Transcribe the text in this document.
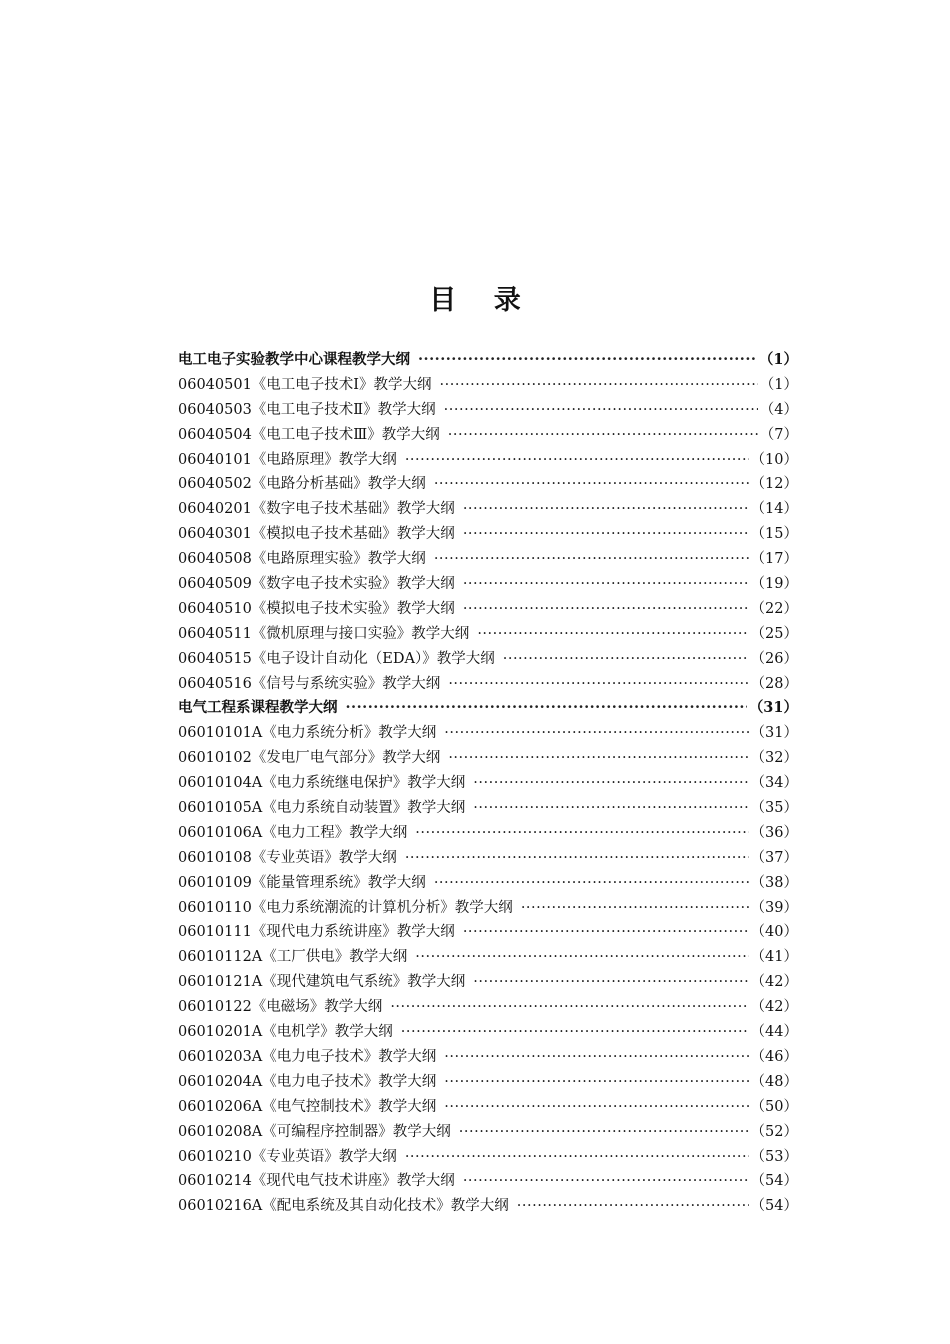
目 录
电工电子实验教学中心课程教学大纲 ·····	（1）
06040501《电工电子技术Ⅰ》教学大纲 ·····	（1）
06040503《电工电子技术Ⅱ》教学大纲 ·····	（4）
06040504《电工电子技术Ⅲ》教学大纲 ·····	（7）
06040101《电路原理》教学大纲 ·····	（10）
06040502《电路分析基础》教学大纲 ·····	（12）
06040201《数字电子技术基础》教学大纲 ·····	（14）
06040301《模拟电子技术基础》教学大纲 ·····	（15）
06040508《电路原理实验》教学大纲 ·····	（17）
06040509《数字电子技术实验》教学大纲 ·····	（19）
06040510《模拟电子技术实验》教学大纲 ·····	（22）
06040511《微机原理与接口实验》教学大纲 ·····	（25）
06040515《电子设计自动化（EDA）》教学大纲 ·····	（26）
06040516《信号与系统实验》教学大纲 ·····	（28）
电气工程系课程教学大纲 ·····	（31）
06010101A《电力系统分析》教学大纲 ·····	（31）
06010102《发电厂电气部分》教学大纲 ·····	（32）
06010104A《电力系统继电保护》教学大纲 ·····	（34）
06010105A《电力系统自动装置》教学大纲 ·····	（35）
06010106A《电力工程》教学大纲 ·····	（36）
06010108《专业英语》教学大纲 ·····	（37）
06010109《能量管理系统》教学大纲 ·····	（38）
06010110《电力系统潮流的计算机分析》教学大纲 ·····	（39）
06010111《现代电力系统讲座》教学大纲 ·····	（40）
06010112A《工厂供电》教学大纲 ·····	（41）
06010121A《现代建筑电气系统》教学大纲 ·····	（42）
06010122《电磁场》教学大纲 ·····	（42）
06010201A《电机学》教学大纲 ·····	（44）
06010203A《电力电子技术》教学大纲 ·····	（46）
06010204A《电力电子技术》教学大纲 ·····	（48）
06010206A《电气控制技术》教学大纲 ·····	（50）
06010208A《可编程序控制器》教学大纲 ·····	（52）
06010210《专业英语》教学大纲 ·····	（53）
06010214《现代电气技术讲座》教学大纲 ·····	（54）
06010216A《配电系统及其自动化技术》教学大纲 ·····	（54）
